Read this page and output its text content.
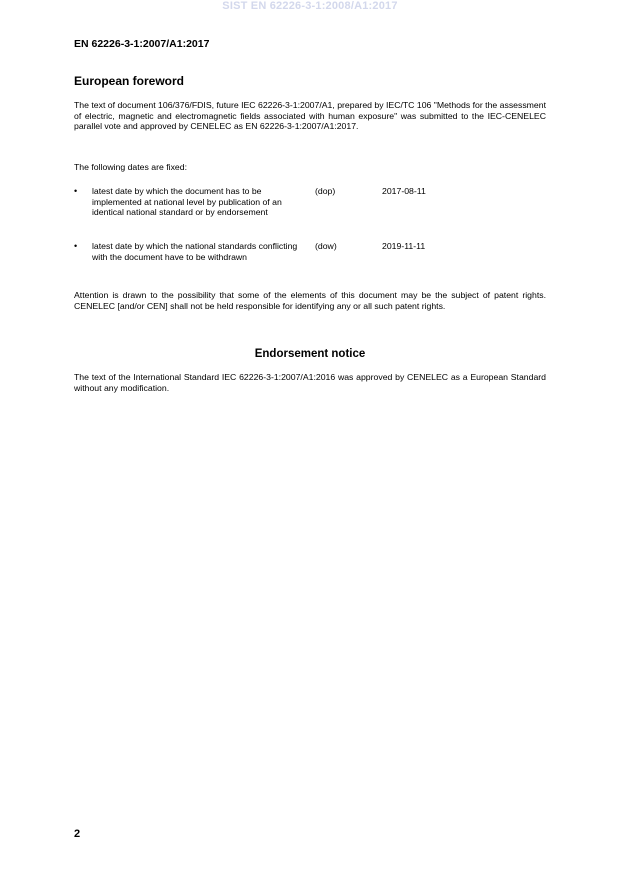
SIST EN 62226-3-1:2008/A1:2017
EN 62226-3-1:2007/A1:2017
European foreword
The text of document 106/376/FDIS, future IEC 62226-3-1:2007/A1, prepared by IEC/TC 106 "Methods for the assessment of electric, magnetic and electromagnetic fields associated with human exposure" was submitted to the IEC-CENELEC parallel vote and approved by CENELEC as EN 62226-3-1:2007/A1:2017.
The following dates are fixed:
• latest date by which the document has to be implemented at national level by publication of an identical national standard or by endorsement
(dop)	2017-08-11
• latest date by which the national standards conflicting with the document have to be withdrawn
(dow)	2019-11-11
Attention is drawn to the possibility that some of the elements of this document may be the subject of patent rights. CENELEC [and/or CEN] shall not be held responsible for identifying any or all such patent rights.
Endorsement notice
The text of the International Standard IEC 62226-3-1:2007/A1:2016 was approved by CENELEC as a European Standard without any modification.
2
